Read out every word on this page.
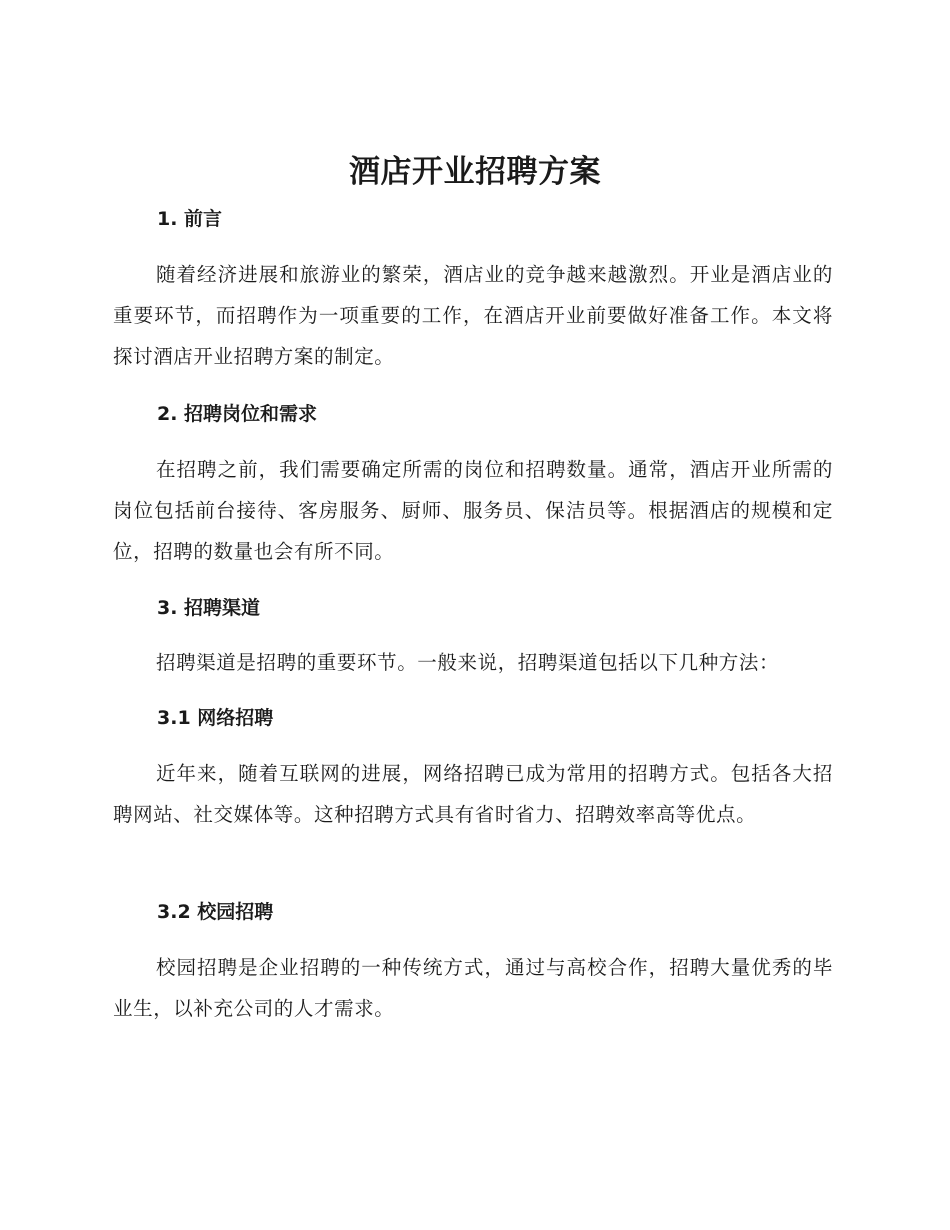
酒店开业招聘方案
1. 前言

随着经济进展和旅游业的繁荣，酒店业的竞争越来越激烈。开业是酒店业的重要环节，而招聘作为一项重要的工作，在酒店开业前要做好准备工作。本文将探讨酒店开业招聘方案的制定。

2. 招聘岗位和需求

在招聘之前，我们需要确定所需的岗位和招聘数量。通常，酒店开业所需的岗位包括前台接待、客房服务、厨师、服务员、保洁员等。根据酒店的规模和定位，招聘的数量也会有所不同。

3. 招聘渠道

招聘渠道是招聘的重要环节。一般来说，招聘渠道包括以下几种方法：

3.1 网络招聘

近年来，随着互联网的进展，网络招聘已成为常用的招聘方式。包括各大招聘网站、社交媒体等。这种招聘方式具有省时省力、招聘效率高等优点。

3.2 校园招聘

校园招聘是企业招聘的一种传统方式，通过与高校合作，招聘大量优秀的毕业生，以补充公司的人才需求。
